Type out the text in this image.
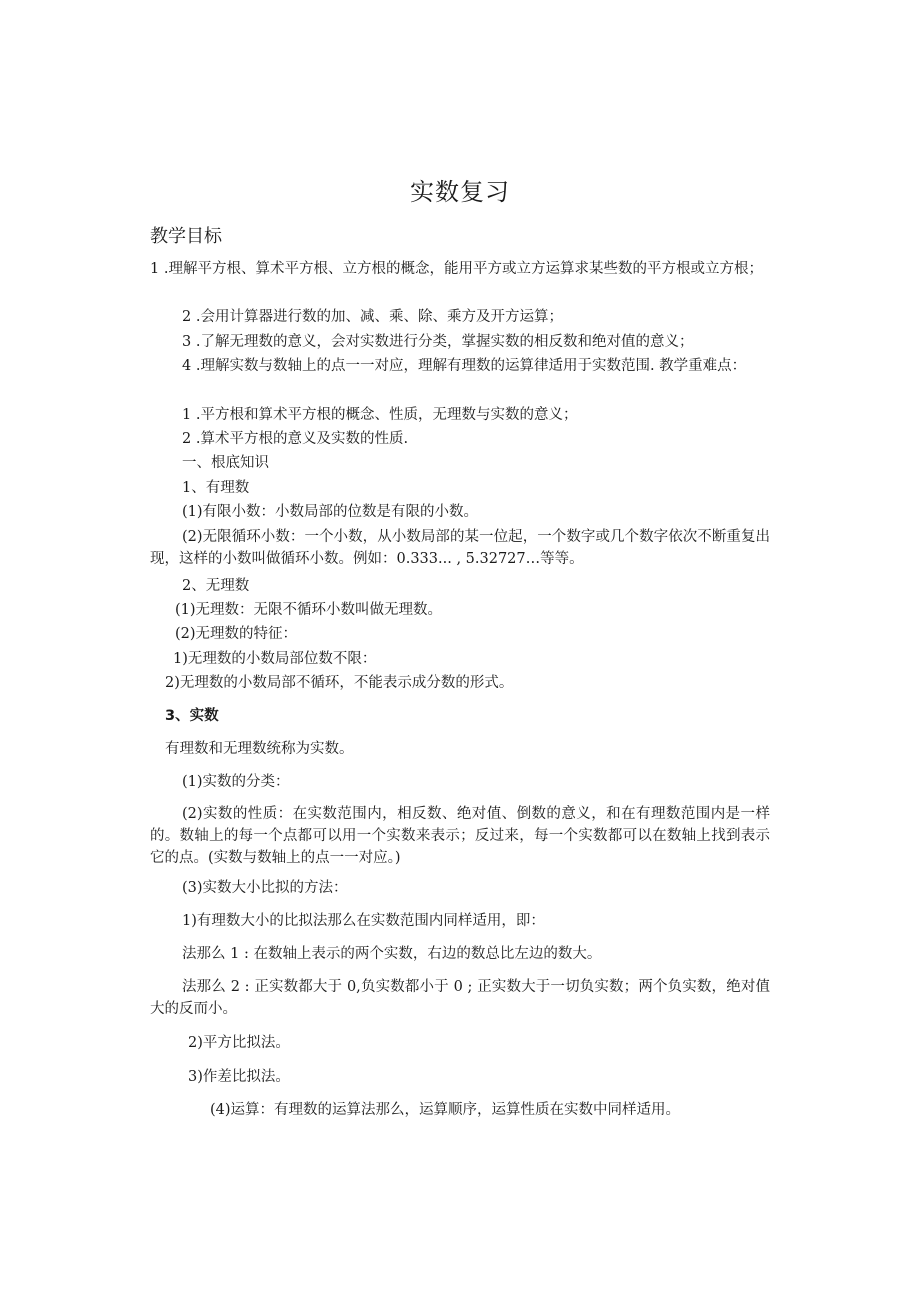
实数复习
教学目标
1 .理解平方根、算术平方根、立方根的概念，能用平方或立方运算求某些数的平方根或立方根；
2 .会用计算器进行数的加、减、乘、除、乘方及开方运算；
3 .了解无理数的意义，会对实数进行分类，掌握实数的相反数和绝对值的意义；
4 .理解实数与数轴上的点一一对应，理解有理数的运算律适用于实数范围. 教学重难点：
1 .平方根和算术平方根的概念、性质，无理数与实数的意义；
2 .算术平方根的意义及实数的性质.
一、根底知识
1、有理数
(1)有限小数：小数局部的位数是有限的小数。
(2)无限循环小数：一个小数，从小数局部的某一位起，一个数字或几个数字依次不断重复出现，这样的小数叫做循环小数。例如：0.333... , 5.32727…等等。
2、无理数
(1)无理数：无限不循环小数叫做无理数。
(2)无理数的特征：
1)无理数的小数局部位数不限：
2)无理数的小数局部不循环，不能表示成分数的形式。
3、实数
有理数和无理数统称为实数。
(1)实数的分类：
(2)实数的性质：在实数范围内，相反数、绝对值、倒数的意义，和在有理数范围内是一样的。数轴上的每一个点都可以用一个实数来表示；反过来，每一个实数都可以在数轴上找到表示它的点。(实数与数轴上的点一一对应。)
(3)实数大小比拟的方法：
1)有理数大小的比拟法那么在实数范围内同样适用，即：
法那么 1 : 在数轴上表示的两个实数，右边的数总比左边的数大。
法那么 2 : 正实数都大于 0,负实数都小于 0 ; 正实数大于一切负实数；两个负实数，绝对值大的反而小。
2)平方比拟法。
3)作差比拟法。
(4)运算：有理数的运算法那么，运算顺序，运算性质在实数中同样适用。
